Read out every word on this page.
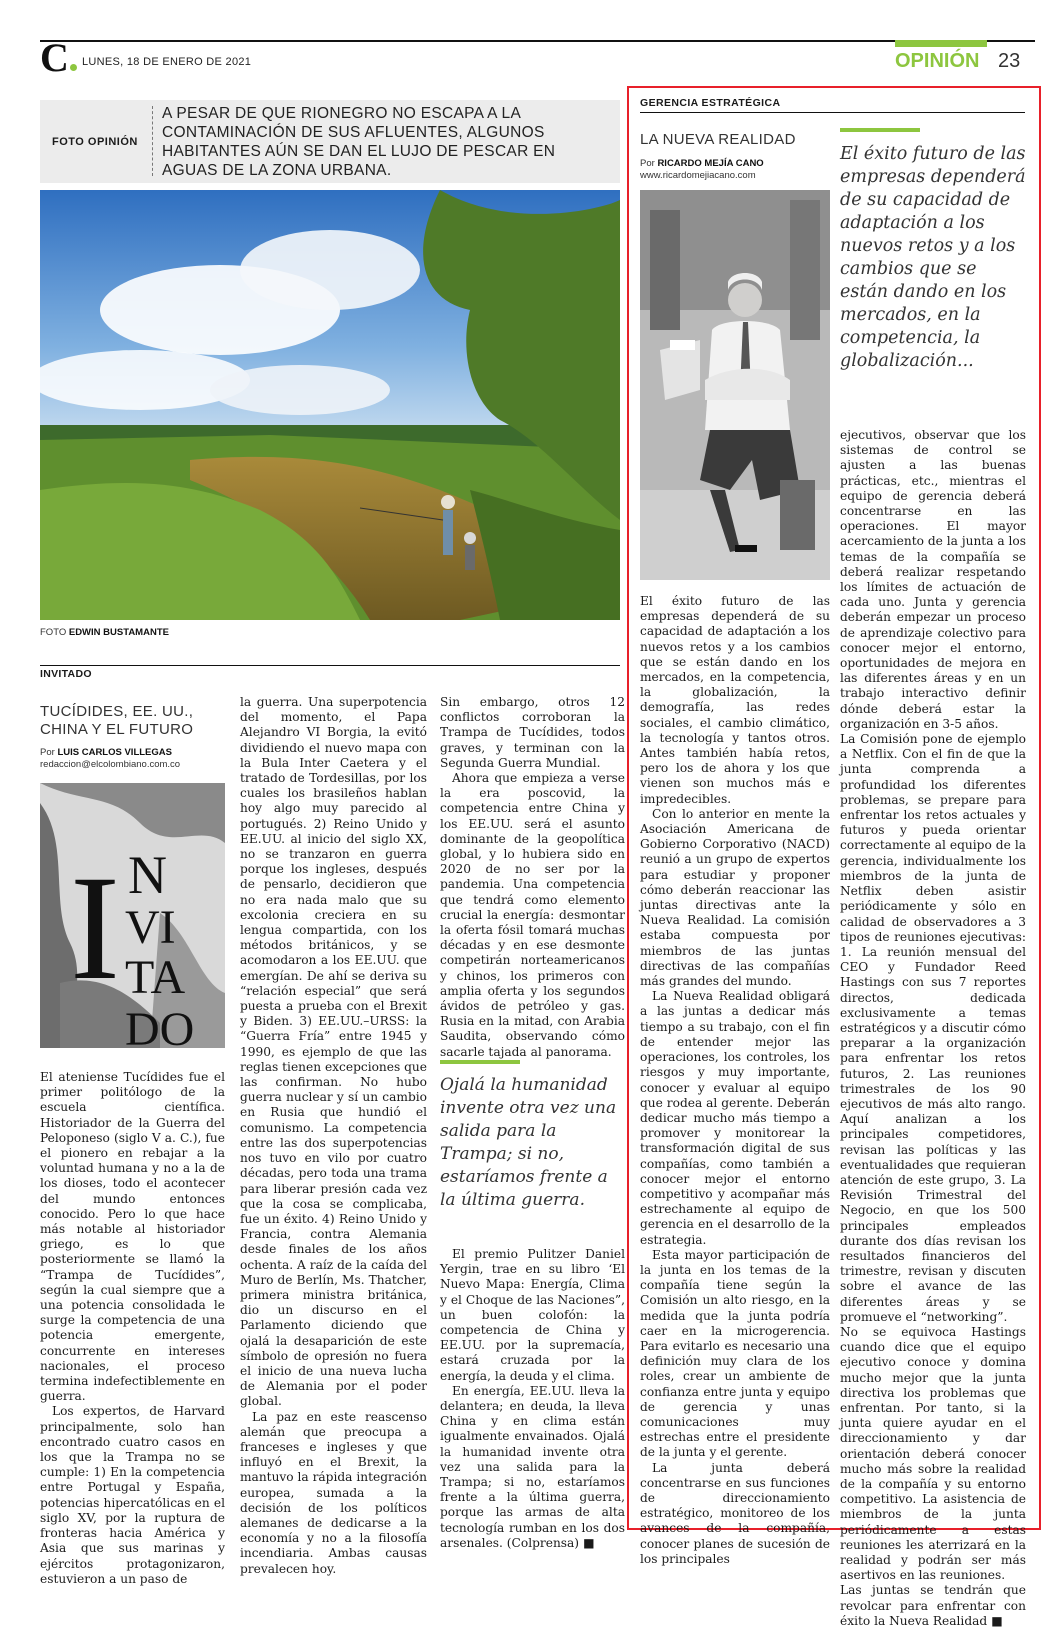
C	LUNES, 18 DE ENERO DE 2021	OPINIÓN 23
FOTO OPINIÓN
A PESAR DE QUE RIONEGRO NO ESCAPA A LA CONTAMINACIÓN DE SUS AFLUENTES, ALGUNOS HABITANTES AÚN SE DAN EL LUJO DE PESCAR EN AGUAS DE LA ZONA URBANA.
FOTO EDWIN BUSTAMANTE
INVITADO
TUCÍDIDES, EE. UU., CHINA Y EL FUTURO
Por LUIS CARLOS VILLEGAS
redaccion@elcolombiano.com.co
I N
VI
TA
DO

El ateniense Tucídides fue el primer politólogo de la escuela científica. Historiador de la Guerra del Peloponeso (siglo V a. C.), fue el pionero en rebajar a la voluntad humana y no a la de los dioses, todo el acontecer del mundo entonces conocido. Pero lo que hace más notable al historiador griego, es lo que posteriormente se llamó la “Trampa de Tucídides”, según la cual siempre que a una potencia consolidada le surge la competencia de una potencia emergente, concurrente en intereses nacionales, el proceso termina indefectiblemente en guerra.

Los expertos, de Harvard principalmente, solo han encontrado cuatro casos en los que la Trampa no se cumple: 1) En la competencia entre Portugal y España, potencias hipercatólicas en el siglo XV, por la ruptura de fronteras hacia América y Asia que sus marinas y ejércitos protagonizaron, estuvieron a un paso de

la guerra. Una superpotencia del momento, el Papa Alejandro VI Borgia, la evitó dividiendo el nuevo mapa con la Bula Inter Caetera y el tratado de Tordesillas, por los cuales los brasileños hablan hoy algo muy parecido al portugués. 2) Reino Unido y EE.UU. al inicio del siglo XX, no se tranzaron en guerra porque los ingleses, después de pensarlo, decidieron que no era nada malo que su excolonia creciera en su lengua compartida, con los métodos británicos, y se acomodaron a los EE.UU. que emergían. De ahí se deriva su “relación especial” que será puesta a prueba con el Brexit y Biden. 3) EE.UU.–URSS: la “Guerra Fría” entre 1945 y 1990, es ejemplo de que las reglas tienen excepciones que las confirman. No hubo guerra nuclear y sí un cambio en Rusia que hundió el comunismo. La competencia entre las dos superpotencias nos tuvo en vilo por cuatro décadas, pero toda una trama para liberar presión cada vez que la cosa se complicaba, fue un éxito. 4) Reino Unido y Francia, contra Alemania desde finales de los años ochenta. A raíz de la caída del Muro de Berlín, Ms. Thatcher, primera ministra británica, dio un discurso en el Parlamento diciendo que ojalá la desaparición de este símbolo de opresión no fuera el inicio de una nueva lucha de Alemania por el poder global.

La paz en este reascenso alemán que preocupa a franceses e ingleses y que influyó en el Brexit, la mantuvo la rápida integración europea, sumada a la decisión de los políticos alemanes de dedicarse a la economía y no a la filosofía incendiaria. Ambas causas prevalecen hoy.

Sin embargo, otros 12 conflictos corroboran la Trampa de Tucídides, todos graves, y terminan con la Segunda Guerra Mundial.

Ahora que empieza a verse la era poscovid, la competencia entre China y los EE.UU. será el asunto dominante de la geopolítica global, y lo hubiera sido en 2020 de no ser por la pandemia. Una competencia que tendrá como elemento crucial la energía: desmontar la oferta fósil tomará muchas décadas y en ese desmonte competirán norteamericanos y chinos, los primeros con amplia oferta y los segundos ávidos de petróleo y gas. Rusia en la mitad, con Arabia Saudita, observando cómo sacarle tajada al panorama.

Ojalá la humanidad invente otra vez una salida para la Trampa; si no, estaríamos frente a la última guerra.

El premio Pulitzer Daniel Yergin, trae en su libro ‘El Nuevo Mapa: Energía, Clima y el Choque de las Naciones”, un buen colofón: la competencia de China y EE.UU. por la supremacía, estará cruzada por la energía, la deuda y el clima.

En energía, EE.UU. lleva la delantera; en deuda, la lleva China y en clima están igualmente envainados. Ojalá la humanidad invente otra vez una salida para la Trampa; si no, estaríamos frente a la última guerra, porque las armas de alta tecnología rumban en los dos arsenales. (Colprensa) ■

GERENCIA ESTRATÉGICA
LA NUEVA REALIDAD
Por RICARDO MEJÍA CANO
www.ricardomejiacano.com
El éxito futuro de las empresas dependerá de su capacidad de adaptación a los nuevos retos y a los cambios que se están dando en los mercados, en la competencia, la globalización...

El éxito futuro de las empresas dependerá de su capacidad de adaptación a los nuevos retos y a los cambios que se están dando en los mercados, en la competencia, la globalización, la demografía, las redes sociales, el cambio climático, la tecnología y tantos otros. Antes también había retos, pero los de ahora y los que vienen son muchos más e impredecibles.

Con lo anterior en mente la Asociación Americana de Gobierno Corporativo (NACD) reunió a un grupo de expertos para estudiar y proponer cómo deberán reaccionar las juntas directivas ante la Nueva Realidad. La comisión estaba compuesta por miembros de las juntas directivas de las compañías más grandes del mundo.

La Nueva Realidad obligará a las juntas a dedicar más tiempo a su trabajo, con el fin de entender mejor las operaciones, los controles, los riesgos y muy importante, conocer y evaluar al equipo que rodea al gerente. Deberán dedicar mucho más tiempo a promover y monitorear la transformación digital de sus compañías, como también a conocer mejor el entorno competitivo y acompañar más estrechamente al equipo de gerencia en el desarrollo de la estrategia.

Esta mayor participación de la junta en los temas de la compañía tiene según la Comisión un alto riesgo, en la medida que la junta podría caer en la microgerencia. Para evitarlo es necesario una definición muy clara de los roles, crear un ambiente de confianza entre junta y equipo de gerencia y unas comunicaciones muy estrechas entre el presidente de la junta y el gerente.

La junta deberá concentrarse en sus funciones de direccionamiento estratégico, monitoreo de los avances de la compañía, conocer planes de sucesión de los principales

ejecutivos, observar que los sistemas de control se ajusten a las buenas prácticas, etc., mientras el equipo de gerencia deberá concentrarse en las operaciones. El mayor acercamiento de la junta a los temas de la compañía se deberá realizar respetando los límites de actuación de cada uno. Junta y gerencia deberán empezar un proceso de aprendizaje colectivo para conocer mejor el entorno, oportunidades de mejora en las diferentes áreas y en un trabajo interactivo definir dónde deberá estar la organización en 3-5 años.

La Comisión pone de ejemplo a Netflix. Con el fin de que la junta comprenda a profundidad los diferentes problemas, se prepare para enfrentar los retos actuales y futuros y pueda orientar correctamente al equipo de la gerencia, individualmente los miembros de la junta de Netflix deben asistir periódicamente y sólo en calidad de observadores a 3 tipos de reuniones ejecutivas: 1. La reunión mensual del CEO y Fundador Reed Hastings con sus 7 reportes directos, dedicada exclusivamente a temas estratégicos y a discutir cómo preparar a la organización para enfrentar los retos futuros, 2. Las reuniones trimestrales de los 90 ejecutivos de más alto rango. Aquí analizan a los principales competidores, revisan las políticas y las eventualidades que requieran atención de este grupo, 3. La Revisión Trimestral del Negocio, en que los 500 principales empleados durante dos días revisan los resultados financieros del trimestre, revisan y discuten sobre el avance de las diferentes áreas y se promueve el “networking”.

No se equivoca Hastings cuando dice que el equipo ejecutivo conoce y domina mucho mejor que la junta directiva los problemas que enfrentan. Por tanto, si la junta quiere ayudar en el direccionamiento y dar orientación deberá conocer mucho más sobre la realidad de la compañía y su entorno competitivo. La asistencia de miembros de la junta periódicamente a estas reuniones les aterrizará en la realidad y podrán ser más asertivos en las reuniones.

Las juntas se tendrán que revolcar para enfrentar con éxito la Nueva Realidad ■
